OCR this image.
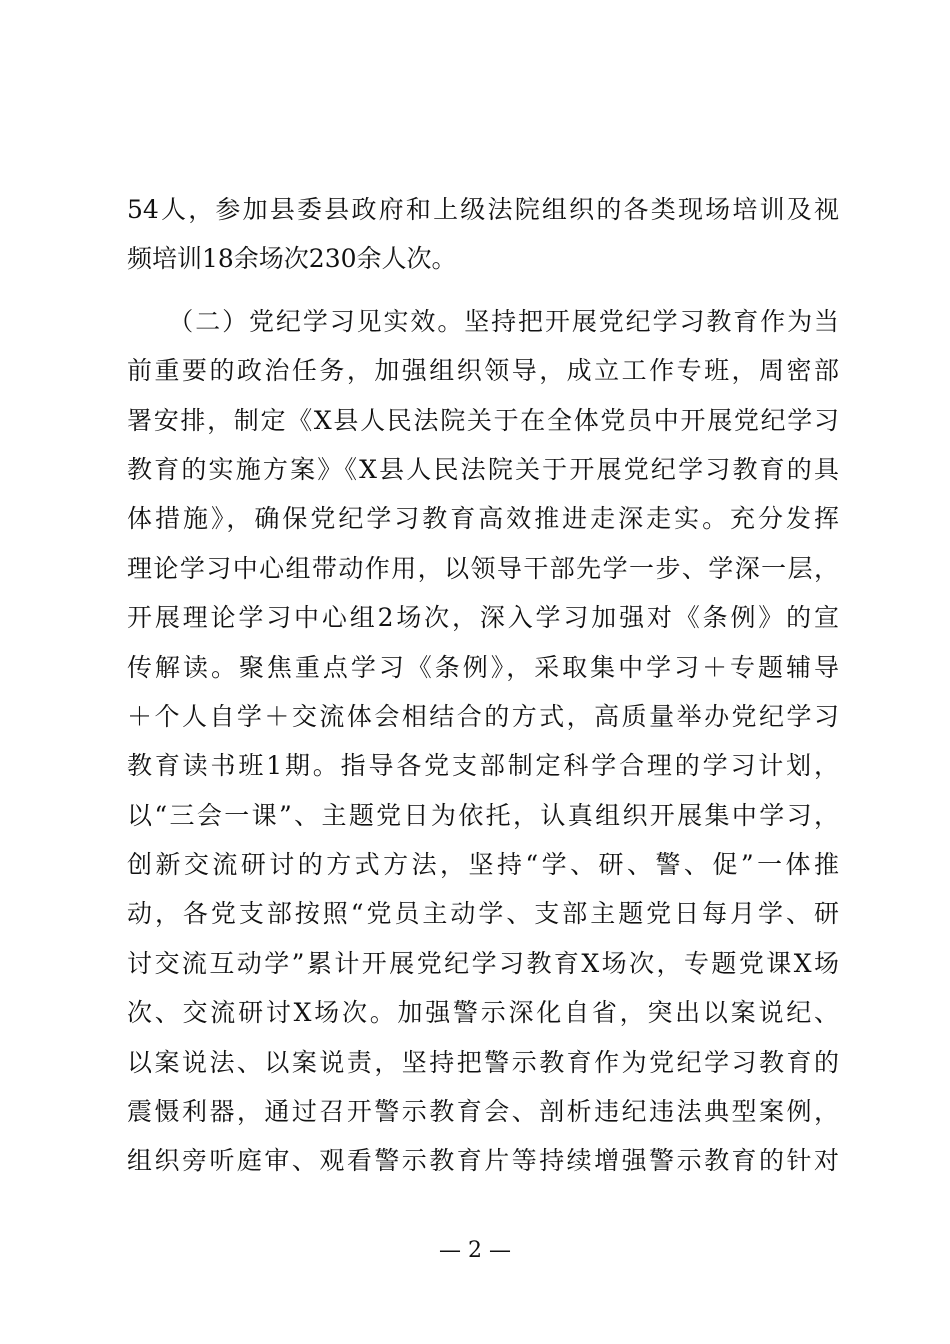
54人，参加县委县政府和上级法院组织的各类现场培训及视
频培训18余场次230余人次。
　　（二）党纪学习见实效。坚持把开展党纪学习教育作为当
前重要的政治任务，加强组织领导，成立工作专班，周密部
署安排，制定《X县人民法院关于在全体党员中开展党纪学习
教育的实施方案》《X县人民法院关于开展党纪学习教育的具
体措施》，确保党纪学习教育高效推进走深走实。充分发挥
理论学习中心组带动作用，以领导干部先学一步、学深一层，
开展理论学习中心组2场次，深入学习加强对《条例》的宣
传解读。聚焦重点学习《条例》，采取集中学习＋专题辅导
＋个人自学＋交流体会相结合的方式，高质量举办党纪学习
教育读书班1期。指导各党支部制定科学合理的学习计划，
以“三会一课”、主题党日为依托，认真组织开展集中学习，
创新交流研讨的方式方法，坚持“学、研、警、促”一体推
动，各党支部按照“党员主动学、支部主题党日每月学、研
讨交流互动学”累计开展党纪学习教育X场次，专题党课X场
次、交流研讨X场次。加强警示深化自省，突出以案说纪、
以案说法、以案说责，坚持把警示教育作为党纪学习教育的
震慑利器，通过召开警示教育会、剖析违纪违法典型案例，
组织旁听庭审、观看警示教育片等持续增强警示教育的针对
— 2 —
